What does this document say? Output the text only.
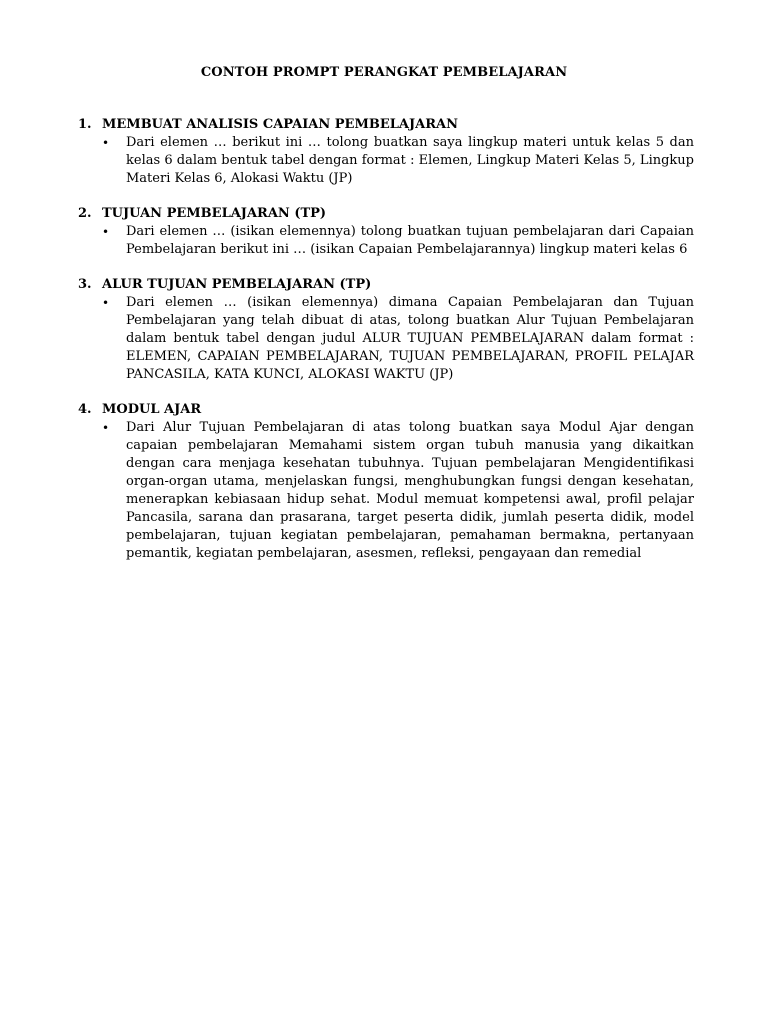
CONTOH PROMPT PERANGKAT PEMBELAJARAN
1. MEMBUAT ANALISIS CAPAIAN PEMBELAJARAN
•	Dari elemen … berikut ini … tolong buatkan saya lingkup materi untuk kelas 5 dan kelas 6 dalam bentuk tabel dengan format : Elemen, Lingkup Materi Kelas 5, Lingkup Materi Kelas 6, Alokasi Waktu (JP)
2. TUJUAN PEMBELAJARAN (TP)
•	Dari elemen … (isikan elemennya) tolong buatkan tujuan pembelajaran dari Capaian Pembelajaran berikut ini … (isikan Capaian Pembelajarannya) lingkup materi kelas 6
3. ALUR TUJUAN PEMBELAJARAN (TP)
•	Dari elemen … (isikan elemennya) dimana Capaian Pembelajaran dan Tujuan Pembelajaran yang telah dibuat di atas, tolong buatkan Alur Tujuan Pembelajaran dalam bentuk tabel dengan judul ALUR TUJUAN PEMBELAJARAN dalam format : ELEMEN, CAPAIAN PEMBELAJARAN, TUJUAN PEMBELAJARAN, PROFIL PELAJAR PANCASILA, KATA KUNCI, ALOKASI WAKTU (JP)
4. MODUL AJAR
•	Dari Alur Tujuan Pembelajaran di atas tolong buatkan saya Modul Ajar dengan capaian pembelajaran Memahami sistem organ tubuh manusia yang dikaitkan dengan cara menjaga kesehatan tubuhnya. Tujuan pembelajaran Mengidentifikasi organ-organ utama, menjelaskan fungsi, menghubungkan fungsi dengan kesehatan, menerapkan kebiasaan hidup sehat. Modul memuat kompetensi awal, profil pelajar Pancasila, sarana dan prasarana, target peserta didik, jumlah peserta didik, model pembelajaran, tujuan kegiatan pembelajaran, pemahaman bermakna, pertanyaan pemantik, kegiatan pembelajaran, asesmen, refleksi, pengayaan dan remedial
